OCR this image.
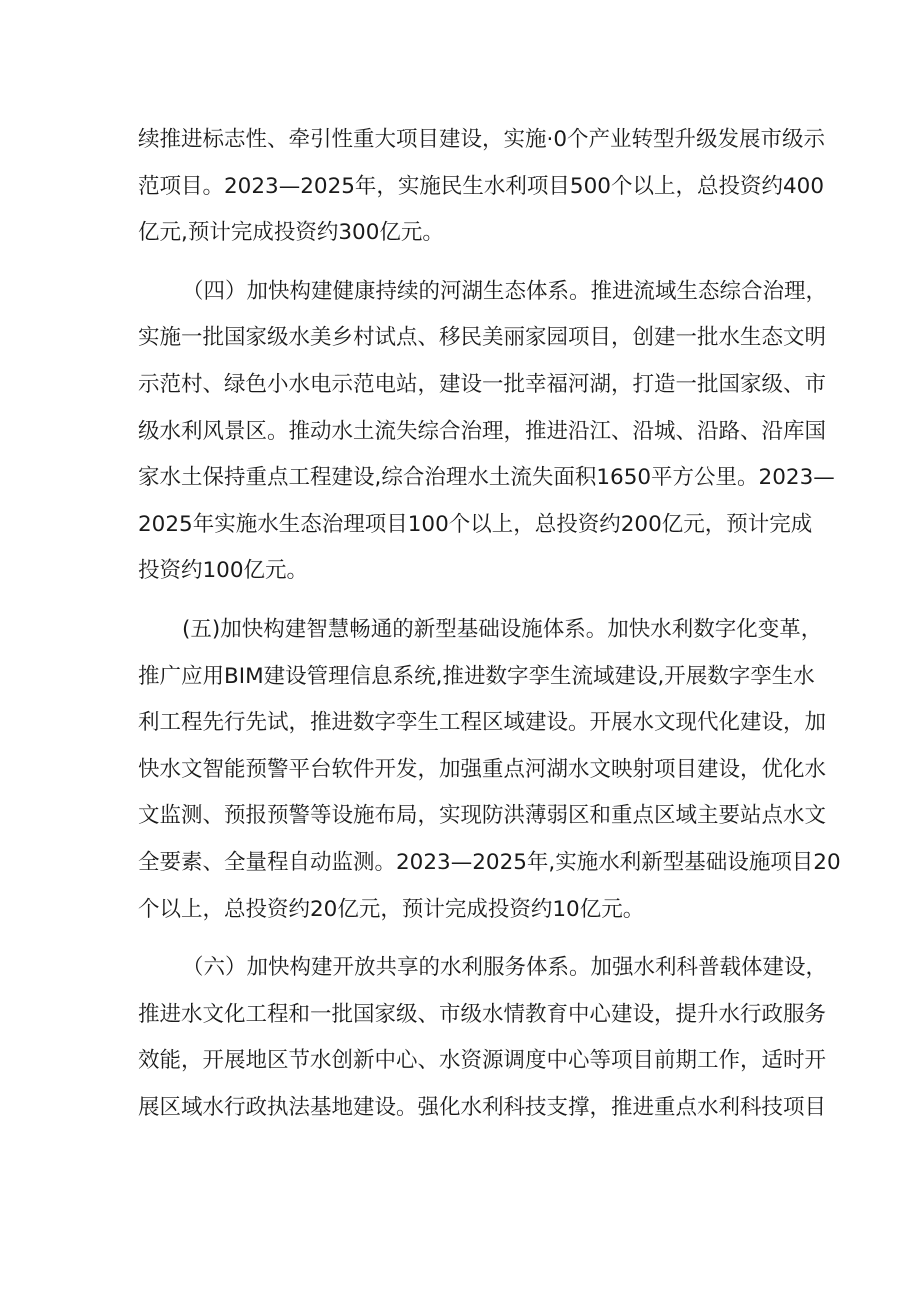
续推进标志性、牵引性重大项目建设，实施·0个产业转型升级发展市级示
范项目。2023—2025年，实施民生水利项目500个以上，总投资约400
亿元,预计完成投资约300亿元。
（四）加快构建健康持续的河湖生态体系。推进流域生态综合治理，
实施一批国家级水美乡村试点、移民美丽家园项目，创建一批水生态文明
示范村、绿色小水电示范电站，建设一批幸福河湖，打造一批国家级、市
级水利风景区。推动水土流失综合治理，推进沿江、沿城、沿路、沿库国
家水土保持重点工程建设,综合治理水土流失面积1650平方公里。2023—
2025年实施水生态治理项目100个以上，总投资约200亿元，预计完成
投资约100亿元。
(五)加快构建智慧畅通的新型基础设施体系。加快水利数字化变革，
推广应用BIM建设管理信息系统,推进数字孪生流域建设,开展数字孪生水
利工程先行先试，推进数字孪生工程区域建设。开展水文现代化建设，加
快水文智能预警平台软件开发，加强重点河湖水文映射项目建设，优化水
文监测、预报预警等设施布局，实现防洪薄弱区和重点区域主要站点水文
全要素、全量程自动监测。2023—2025年,实施水利新型基础设施项目20
个以上，总投资约20亿元，预计完成投资约10亿元。
（六）加快构建开放共享的水利服务体系。加强水利科普载体建设，
推进水文化工程和一批国家级、市级水情教育中心建设，提升水行政服务
效能，开展地区节水创新中心、水资源调度中心等项目前期工作，适时开
展区域水行政执法基地建设。强化水利科技支撑，推进重点水利科技项目
